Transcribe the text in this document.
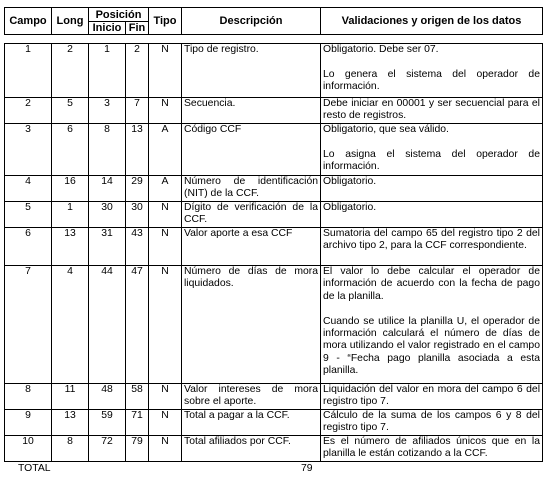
Campo	Long	Posición		Tipo	Descripción	Validaciones y origen de los datos
		Inicio	Fin			
1	2	1	2	N	Tipo de registro.	Obligatorio. Debe ser 07.

Lo genera el sistema del operador de información.

2	5	3	7	N	Secuencia.	Debe iniciar en 00001 y ser secuencial para el resto de registros.

3	6	8	13	A	Código CCF	Obligatorio, que sea válido.

Lo asigna el sistema del operador de información.

4	16	14	29	A	Número de identificación (NIT) de la CCF.	Obligatorio.

5	1	30	30	N	Dígito de verificación de la CCF.	Obligatorio.

6	13	31	43	N	Valor aporte a esa CCF	Sumatoria del campo 65 del registro tipo 2 del archivo tipo 2, para la CCF correspondiente.

7	4	44	47	N	Número de días de mora liquidados.	El valor lo debe calcular el operador de información de acuerdo con la fecha de pago de la planilla.

Cuando se utilice la planilla U, el operador de información calculará el número de días de mora utilizando el valor registrado en el campo 9 - “Fecha pago planilla asociada a esta planilla.

8	11	48	58	N	Valor intereses de mora sobre el aporte.	Liquidación del valor en mora del campo 6 del registro tipo 7.

9	13	59	71	N	Total a pagar a la CCF.	Cálculo de la suma de los campos 6 y 8 del registro tipo 7.

10	8	72	79	N	Total afiliados por CCF.	Es el número de afiliados únicos que en la planilla le están cotizando a la CCF.

TOTAL	79
